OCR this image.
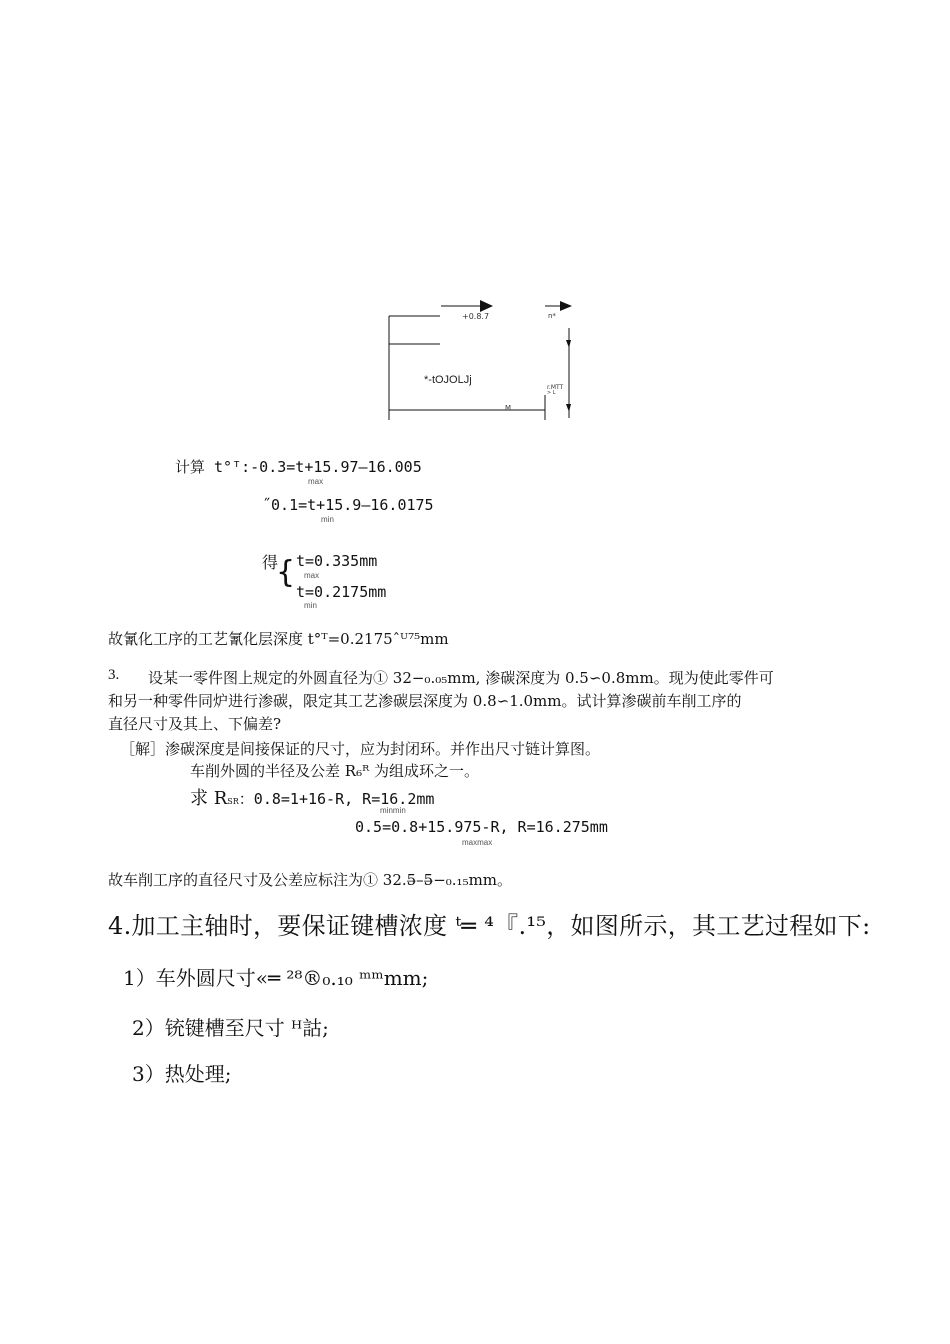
+0.8.7	n*
*-tOJOLJj
r.MTT
> L
M
计算 t°ᵀ:-0.3=t+15.97—16.005
max
˝0.1=t+15.9—16.0175
min
得
{ t=0.335mm
max
t=0.2175mm
min
故氰化工序的工艺氰化层深度 t°ᵀ=0.2175ˆᵁ⁷⁵mm
3. 设某一零件图上规定的外圆直径为① 32−₀.₀₅mm, 渗碳深度为 0.5∽0.8mm。现为使此零件可
和另一种零件同炉进行渗碳，限定其工艺渗碳层深度为 0.8∽1.0mm。试计算渗碳前车削工序的
直径尺寸及其上、下偏差?
［解］渗碳深度是间接保证的尺寸，应为封闭环。并作出尺寸链计算图。
车削外圆的半径及公差 R₆ᴿ 为组成环之一。
求 RSR：0.8=1+16-R, R=16.2mm
minmin
0.5=0.8+15.975-R, R=16.275mm
maxmax
故车削工序的直径尺寸及公差应标注为① 32.5̶–5̶−₀.₁₅mm。
4.加工主轴时，要保证键槽浓度 ᵗ═ ⁴『.¹⁵，如图所示，其工艺过程如下:
1）车外圆尺寸«═ ²⁸®₀.₁₀ ᵐᵐmm;
2）铳键槽至尺寸 ᴴ詁;
3）热处理;
